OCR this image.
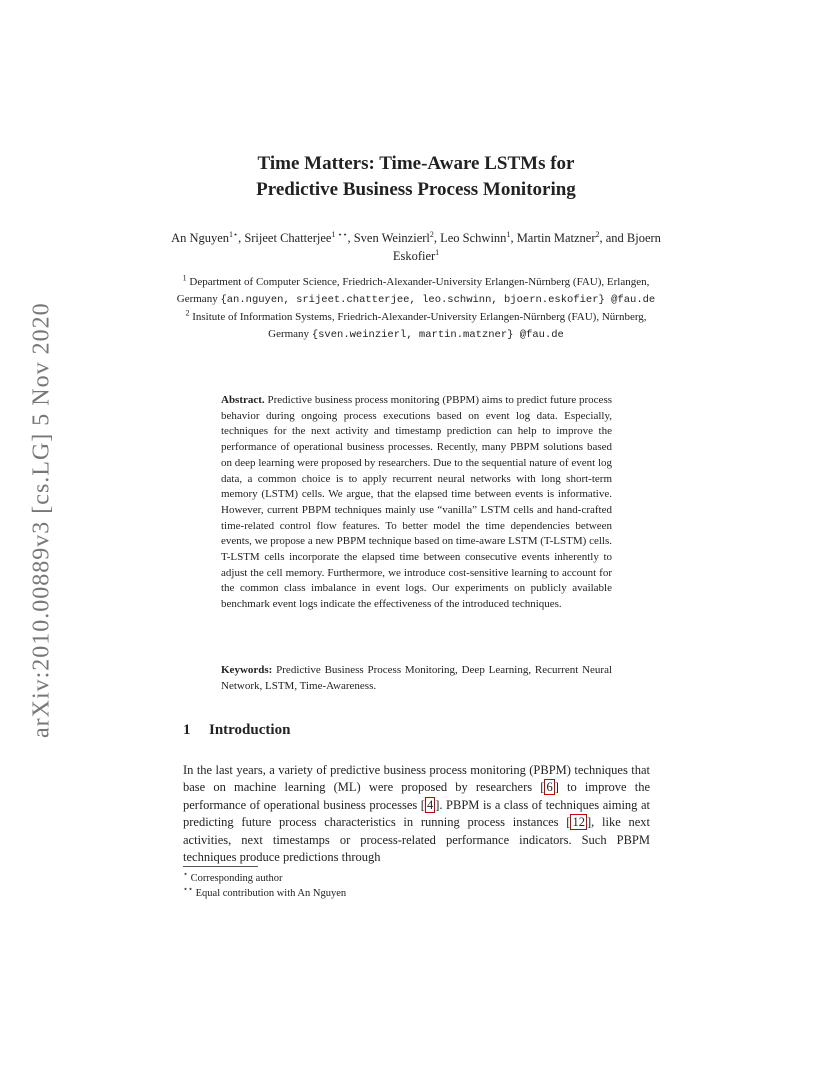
arXiv:2010.00889v3 [cs.LG] 5 Nov 2020
Time Matters: Time-Aware LSTMs for
Predictive Business Process Monitoring
An Nguyen$^{1⋆}$, Srijeet Chatterjee$^{1 ⋆⋆}$, Sven Weinzierl$^2$, Leo Schwinn$^1$, Martin Matzner$^2$, and Bjoern Eskofier$^1$
$^1$ Department of Computer Science, Friedrich-Alexander-University Erlangen-Nürnberg (FAU), Erlangen, Germany {an.nguyen, srijeet.chatterjee, leo.schwinn, bjoern.eskofier} @fau.de
$^2$ Insitute of Information Systems, Friedrich-Alexander-University Erlangen-Nürnberg (FAU), Nürnberg, Germany {sven.weinzierl, martin.matzner} @fau.de
Abstract. Predictive business process monitoring (PBPM) aims to predict future process behavior during ongoing process executions based on event log data. Especially, techniques for the next activity and timestamp prediction can help to improve the performance of operational business processes. Recently, many PBPM solutions based on deep learning were proposed by researchers. Due to the sequential nature of event log data, a common choice is to apply recurrent neural networks with long short-term memory (LSTM) cells. We argue, that the elapsed time between events is informative. However, current PBPM techniques mainly use “vanilla” LSTM cells and hand-crafted time-related control flow features. To better model the time dependencies between events, we propose a new PBPM technique based on time-aware LSTM (T-LSTM) cells. T-LSTM cells incorporate the elapsed time between consecutive events inherently to adjust the cell memory. Furthermore, we introduce cost-sensitive learning to account for the common class imbalance in event logs. Our experiments on publicly available benchmark event logs indicate the effectiveness of the introduced techniques.
Keywords: Predictive Business Process Monitoring, Deep Learning, Recurrent Neural Network, LSTM, Time-Awareness.
1 Introduction
In the last years, a variety of predictive business process monitoring (PBPM) techniques that base on machine learning (ML) were proposed by researchers [ 6 ] to improve the performance of operational business processes [ 4 ]. PBPM is a class of techniques aiming at predicting future process characteristics in running process instances [ 12 ], like next activities, next timestamps or process-related performance indicators. Such PBPM techniques produce predictions through
⋆ Corresponding author
⋆⋆ Equal contribution with An Nguyen
